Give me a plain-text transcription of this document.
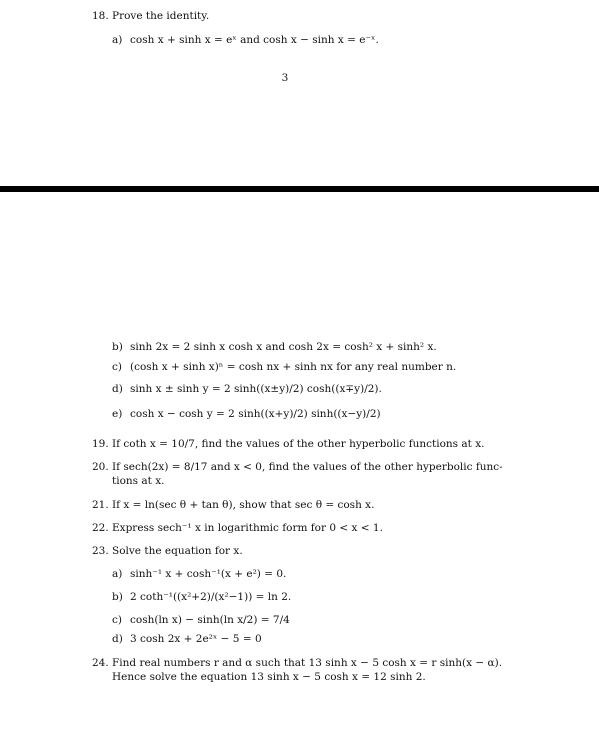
18. Prove the identity.
a) cosh x + sinh x = eˣ and cosh x − sinh x = e⁻ˣ.
3
b) sinh 2x = 2 sinh x cosh x and cosh 2x = cosh² x + sinh² x.
c) (cosh x + sinh x)ⁿ = cosh nx + sinh nx for any real number n.
d) sinh x ± sinh y = 2 sinh((x±y)/2) cosh((x∓y)/2).
e) cosh x − cosh y = 2 sinh((x+y)/2) sinh((x−y)/2)
19. If coth x = 10/7, find the values of the other hyperbolic functions at x.
20. If sech(2x) = 8/17 and x < 0, find the values of the other hyperbolic func-
tions at x.
21. If x = ln(sec θ + tan θ), show that sec θ = cosh x.
22. Express sech⁻¹ x in logarithmic form for 0 < x < 1.
23. Solve the equation for x.
a) sinh⁻¹ x + cosh⁻¹(x + e²) = 0.
b) 2 coth⁻¹((x²+2)/(x²−1)) = ln 2.
c) cosh(ln x) − sinh(ln x/2) = 7/4
d) 3 cosh 2x + 2e²ˣ − 5 = 0
24. Find real numbers r and α such that 13 sinh x − 5 cosh x = r sinh(x − α).
Hence solve the equation 13 sinh x − 5 cosh x = 12 sinh 2.
